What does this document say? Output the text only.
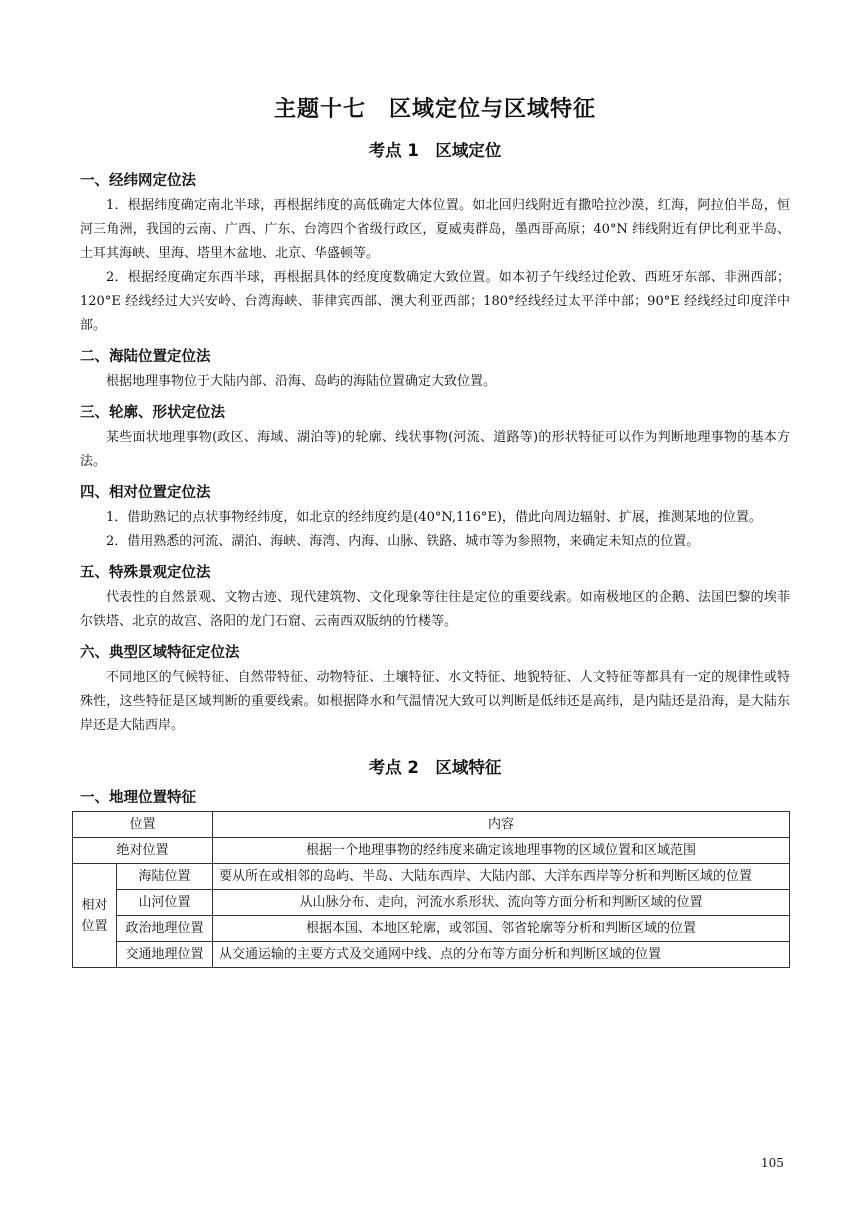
主题十七　区域定位与区域特征
考点 1　区域定位
一、经纬网定位法

1．根据纬度确定南北半球，再根据纬度的高低确定大体位置。如北回归线附近有撒哈拉沙漠，红海，阿拉伯半岛，恒河三角洲，我国的云南、广西、广东、台湾四个省级行政区，夏威夷群岛，墨西哥高原；40°N 纬线附近有伊比利亚半岛、土耳其海峡、里海、塔里木盆地、北京、华盛顿等。

2．根据经度确定东西半球，再根据具体的经度度数确定大致位置。如本初子午线经过伦敦、西班牙东部、非洲西部；120°E 经线经过大兴安岭、台湾海峡、菲律宾西部、澳大利亚西部；180°经线经过太平洋中部；90°E 经线经过印度洋中部。

二、海陆位置定位法

根据地理事物位于大陆内部、沿海、岛屿的海陆位置确定大致位置。

三、轮廓、形状定位法

某些面状地理事物(政区、海域、湖泊等)的轮廓、线状事物(河流、道路等)的形状特征可以作为判断地理事物的基本方法。

四、相对位置定位法

1．借助熟记的点状事物经纬度，如北京的经纬度约是(40°N,116°E)，借此向周边辐射、扩展，推测某地的位置。

2．借用熟悉的河流、湖泊、海峡、海湾、内海、山脉、铁路、城市等为参照物，来确定未知点的位置。

五、特殊景观定位法

代表性的自然景观、文物古迹、现代建筑物、文化现象等往往是定位的重要线索。如南极地区的企鹅、法国巴黎的埃菲尔铁塔、北京的故宫、洛阳的龙门石窟、云南西双版纳的竹楼等。

六、典型区域特征定位法

不同地区的气候特征、自然带特征、动物特征、土壤特征、水文特征、地貌特征、人文特征等都具有一定的规律性或特殊性，这些特征是区域判断的重要线索。如根据降水和气温情况大致可以判断是低纬还是高纬，是内陆还是沿海，是大陆东岸还是大陆西岸。

考点 2　区域特征
一、地理位置特征
位置		内容
绝对位置		根据一个地理事物的经纬度来确定该地理事物的区域位置和区域范围
相对位置	海陆位置	要从所在或相邻的岛屿、半岛、大陆东西岸、大陆内部、大洋东西岸等分析和判断区域的位置
	山河位置	从山脉分布、走向，河流水系形状、流向等方面分析和判断区域的位置
	政治地理位置	根据本国、本地区轮廓，或邻国、邻省轮廓等分析和判断区域的位置
	交通地理位置	从交通运输的主要方式及交通网中线、点的分布等方面分析和判断区域的位置
105
